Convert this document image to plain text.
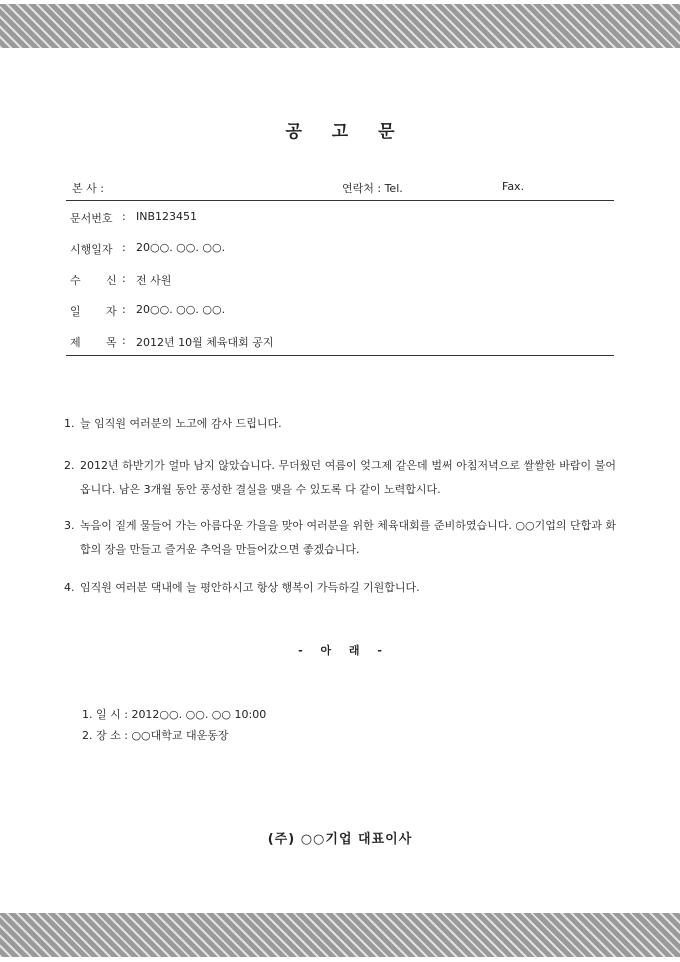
공 고 문
본 사 :	연락처 : Tel.	Fax.
문서번호 : INB123451
시행일자 : 20○○. ○○. ○○.
수 신 : 전 사원
일 자 : 20○○. ○○. ○○.
제 목 : 2012년 10월 체육대회 공지
1. 늘 임직원 여러분의 노고에 감사 드립니다.
2. 2012년 하반기가 얼마 남지 않았습니다. 무더웠던 여름이 엊그제 같은데 벌써 아침저녁으로 쌀쌀한 바람이 불어옵니다. 남은 3개월 동안 풍성한 결실을 맺을 수 있도록 다 같이 노력합시다.
3. 녹음이 짙게 물들어 가는 아름다운 가을을 맞아 여러분을 위한 체육대회를 준비하였습니다. ○○기업의 단합과 화합의 장을 만들고 즐거운 추억을 만들어갔으면 좋겠습니다.
4. 임직원 여러분 댁내에 늘 평안하시고 항상 행복이 가득하길 기원합니다.
- 아 래 -
1. 일 시 : 2012○○. ○○. ○○ 10:00
2. 장 소 : ○○대학교 대운동장
(주) ○○기업 대표이사
